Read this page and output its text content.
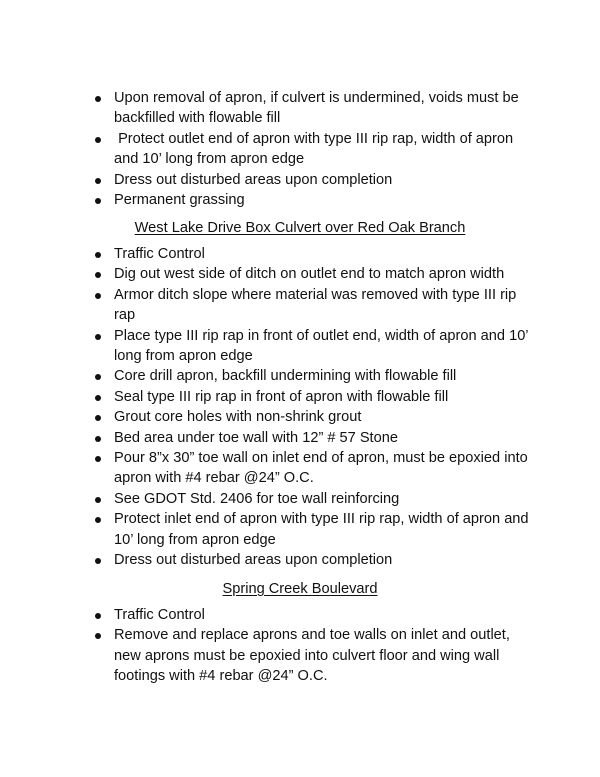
Upon removal of apron, if culvert is undermined, voids must be backfilled with flowable fill
Protect outlet end of apron with type III rip rap, width of apron and 10’ long from apron edge
Dress out disturbed areas upon completion
Permanent grassing
West Lake Drive Box Culvert over Red Oak Branch
Traffic Control
Dig out west side of ditch on outlet end to match apron width
Armor ditch slope where material was removed with type III rip rap
Place type III rip rap in front of outlet end, width of apron and 10’ long from apron edge
Core drill apron, backfill undermining with flowable fill
Seal type III rip rap in front of apron with flowable fill
Grout core holes with non-shrink grout
Bed area under toe wall with 12” # 57 Stone
Pour 8”x 30” toe wall on inlet end of apron, must be epoxied into apron with #4 rebar @24” O.C.
See GDOT Std. 2406 for toe wall reinforcing
Protect inlet end of apron with type III rip rap, width of apron and 10’ long from apron edge
Dress out disturbed areas upon completion
Spring Creek Boulevard
Traffic Control
Remove and replace aprons and toe walls on inlet and outlet, new aprons must be epoxied into culvert floor and wing wall footings with #4 rebar @24” O.C.
